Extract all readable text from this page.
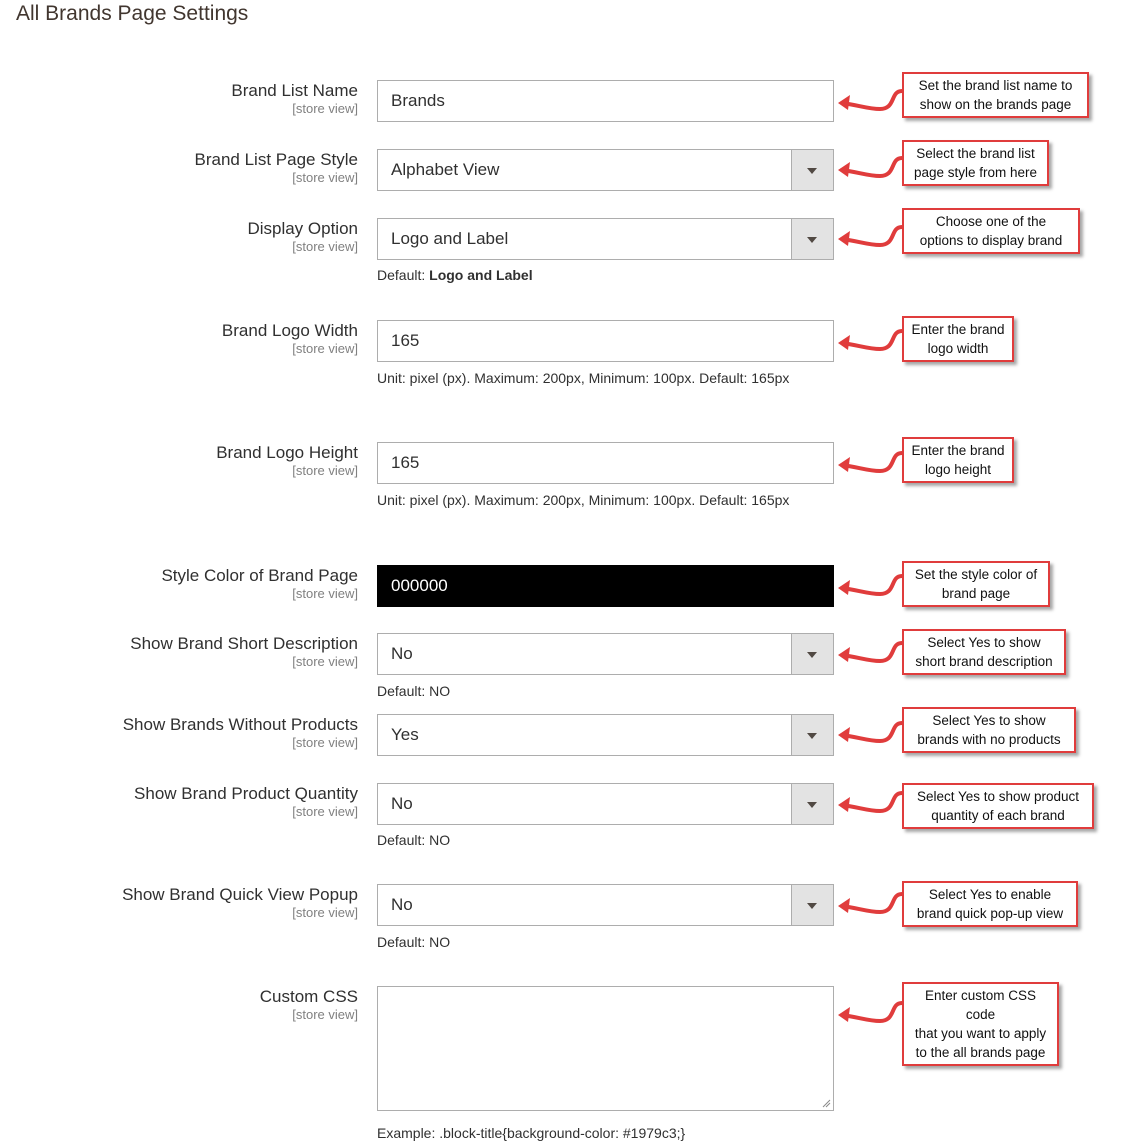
All Brands Page Settings
Brand List Name
[store view]	Brands
Brand List Page Style
[store view]	Alphabet View
Display Option
[store view]	Logo and Label
Default: Logo and Label
Brand Logo Width
[store view]	165
Unit: pixel (px). Maximum: 200px, Minimum: 100px. Default: 165px
Brand Logo Height
[store view]	165
Unit: pixel (px). Maximum: 200px, Minimum: 100px. Default: 165px
Style Color of Brand Page
[store view]	000000
Show Brand Short Description
[store view]	No
Default: NO
Show Brands Without Products
[store view]	Yes
Show Brand Product Quantity
[store view]	No
Default: NO
Show Brand Quick View Popup
[store view]	No
Default: NO
Custom CSS
[store view]
Example: .block-title{background-color: #1979c3;}
Set the brand list name to
show on the brands page
Select the brand list
page style from here
Choose one of the
options to display brand
Enter the brand
logo width
Enter the brand
logo height
Set the style color of
brand page
Select Yes to show
short brand description
Select Yes to show
brands with no products
Select Yes to show product
quantity of each brand
Select Yes to enable
brand quick pop-up view
Enter custom CSS code
that you want to apply
to the all brands page
